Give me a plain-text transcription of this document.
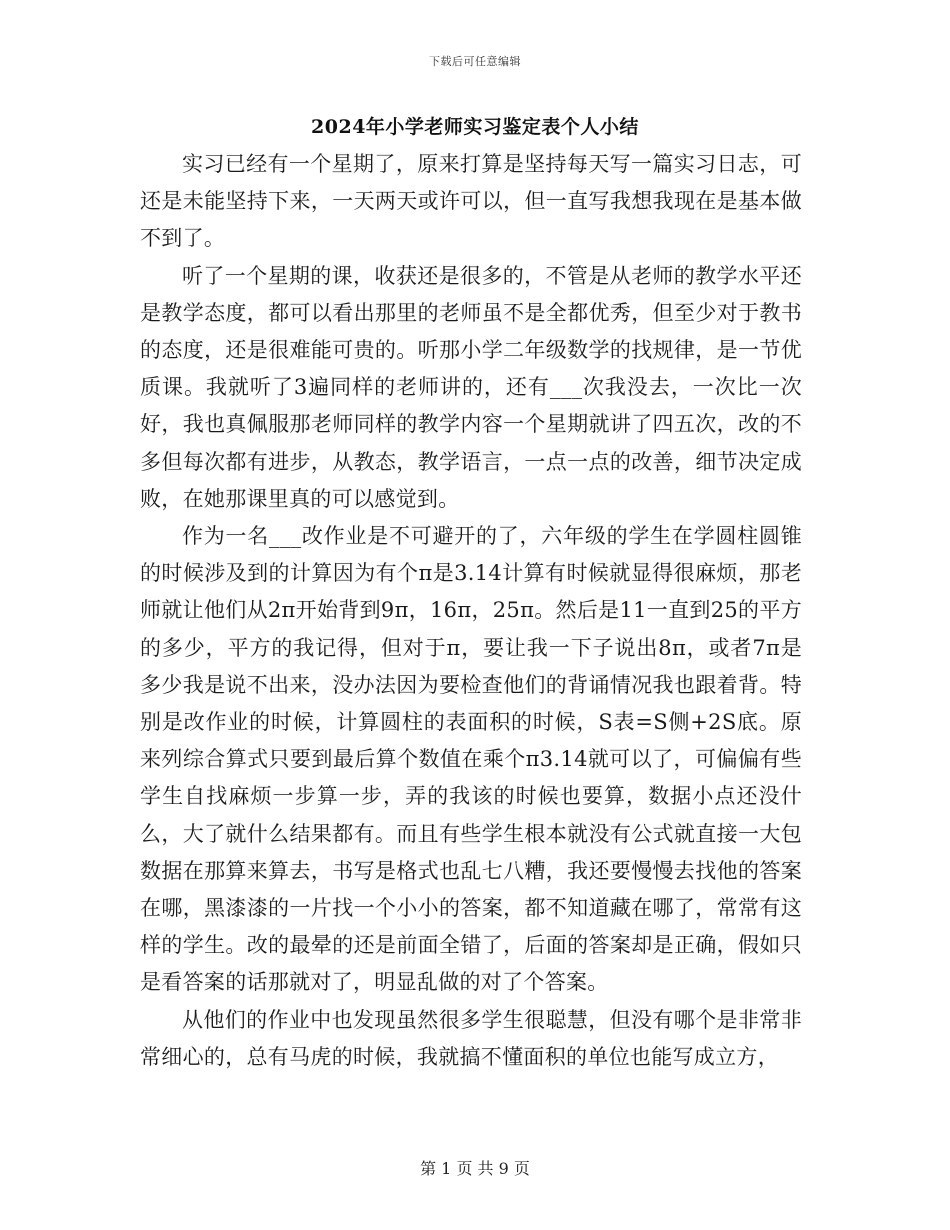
下载后可任意编辑
2024年小学老师实习鉴定表个人小结

实习已经有一个星期了，原来打算是坚持每天写一篇实习日志，可还是未能坚持下来，一天两天或许可以，但一直写我想我现在是基本做不到了。

听了一个星期的课，收获还是很多的，不管是从老师的教学水平还是教学态度，都可以看出那里的老师虽不是全都优秀，但至少对于教书的态度，还是很难能可贵的。听那小学二年级数学的找规律，是一节优质课。我就听了3遍同样的老师讲的，还有___次我没去，一次比一次好，我也真佩服那老师同样的教学内容一个星期就讲了四五次，改的不多但每次都有进步，从教态，教学语言，一点一点的改善，细节决定成败，在她那课里真的可以感觉到。

作为一名___改作业是不可避开的了，六年级的学生在学圆柱圆锥的时候涉及到的计算因为有个π是3.14计算有时候就显得很麻烦，那老师就让他们从2π开始背到9π，16π，25π。然后是11一直到25的平方的多少，平方的我记得，但对于π，要让我一下子说出8π，或者7π是多少我是说不出来，没办法因为要检查他们的背诵情况我也跟着背。特别是改作业的时候，计算圆柱的表面积的时候，S表=S侧+2S底。原来列综合算式只要到最后算个数值在乘个π3.14就可以了，可偏偏有些学生自找麻烦一步算一步，弄的我该的时候也要算，数据小点还没什么，大了就什么结果都有。而且有些学生根本就没有公式就直接一大包数据在那算来算去，书写是格式也乱七八糟，我还要慢慢去找他的答案在哪，黑漆漆的一片找一个小小的答案，都不知道藏在哪了，常常有这样的学生。改的最晕的还是前面全错了，后面的答案却是正确，假如只是看答案的话那就对了，明显乱做的对了个答案。

从他们的作业中也发现虽然很多学生很聪慧，但没有哪个是非常非常细心的，总有马虎的时候，我就搞不懂面积的单位也能写成立方，

第 1 页 共 9 页
